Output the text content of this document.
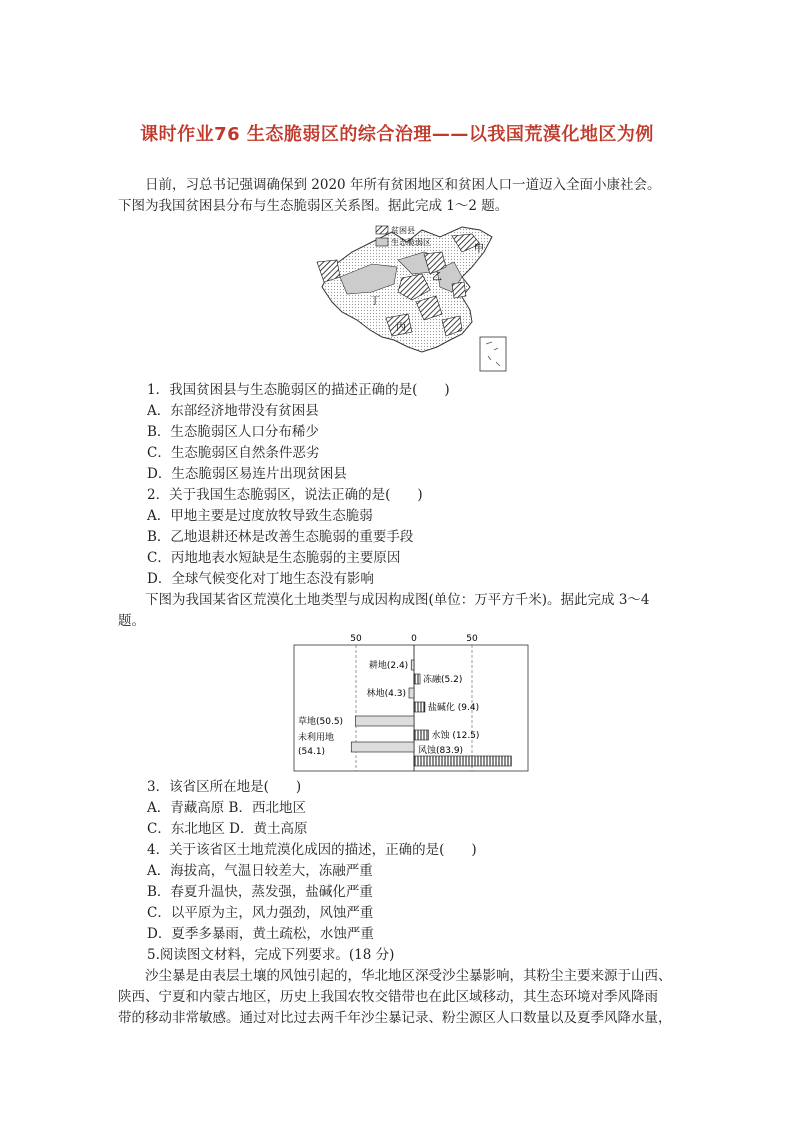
课时作业76 生态脆弱区的综合治理——以我国荒漠化地区为例
日前，习总书记强调确保到 2020 年所有贫困地区和贫困人口一道迈入全面小康社会。
下图为我国贫困县分布与生态脆弱区关系图。据此完成 1～2 题。
贫困县
生态脆弱区
甲
乙
丙
丁
1．我国贫困县与生态脆弱区的描述正确的是(　　)
A．东部经济地带没有贫困县
B．生态脆弱区人口分布稀少
C．生态脆弱区自然条件恶劣
D．生态脆弱区易连片出现贫困县
2．关于我国生态脆弱区，说法正确的是(　　)
A．甲地主要是过度放牧导致生态脆弱
B．乙地退耕还林是改善生态脆弱的重要手段
C．丙地地表水短缺是生态脆弱的主要原因
D．全球气候变化对丁地生态没有影响
下图为我国某省区荒漠化土地类型与成因构成图(单位：万平方千米)。据此完成 3～4
题。
50	0	50
耕地(2.4)
林地(4.3)
草地(50.5)
未利用地
(54.1)
冻融(5.2)
盐碱化 (9.4)
水蚀 (12.5)
风蚀(83.9)
3．该省区所在地是(　　)
A．青藏高原 B．西北地区
C．东北地区 D．黄土高原
4．关于该省区土地荒漠化成因的描述，正确的是(　　)
A．海拔高，气温日较差大，冻融严重
B．春夏升温快，蒸发强，盐碱化严重
C．以平原为主，风力强劲，风蚀严重
D．夏季多暴雨，黄土疏松，水蚀严重
5.阅读图文材料，完成下列要求。(18 分)
沙尘暴是由表层土壤的风蚀引起的，华北地区深受沙尘暴影响，其粉尘主要来源于山西、
陕西、宁夏和内蒙古地区，历史上我国农牧交错带也在此区域移动，其生态环境对季风降雨
带的移动非常敏感。通过对比过去两千年沙尘暴记录、粉尘源区人口数量以及夏季风降水量，
